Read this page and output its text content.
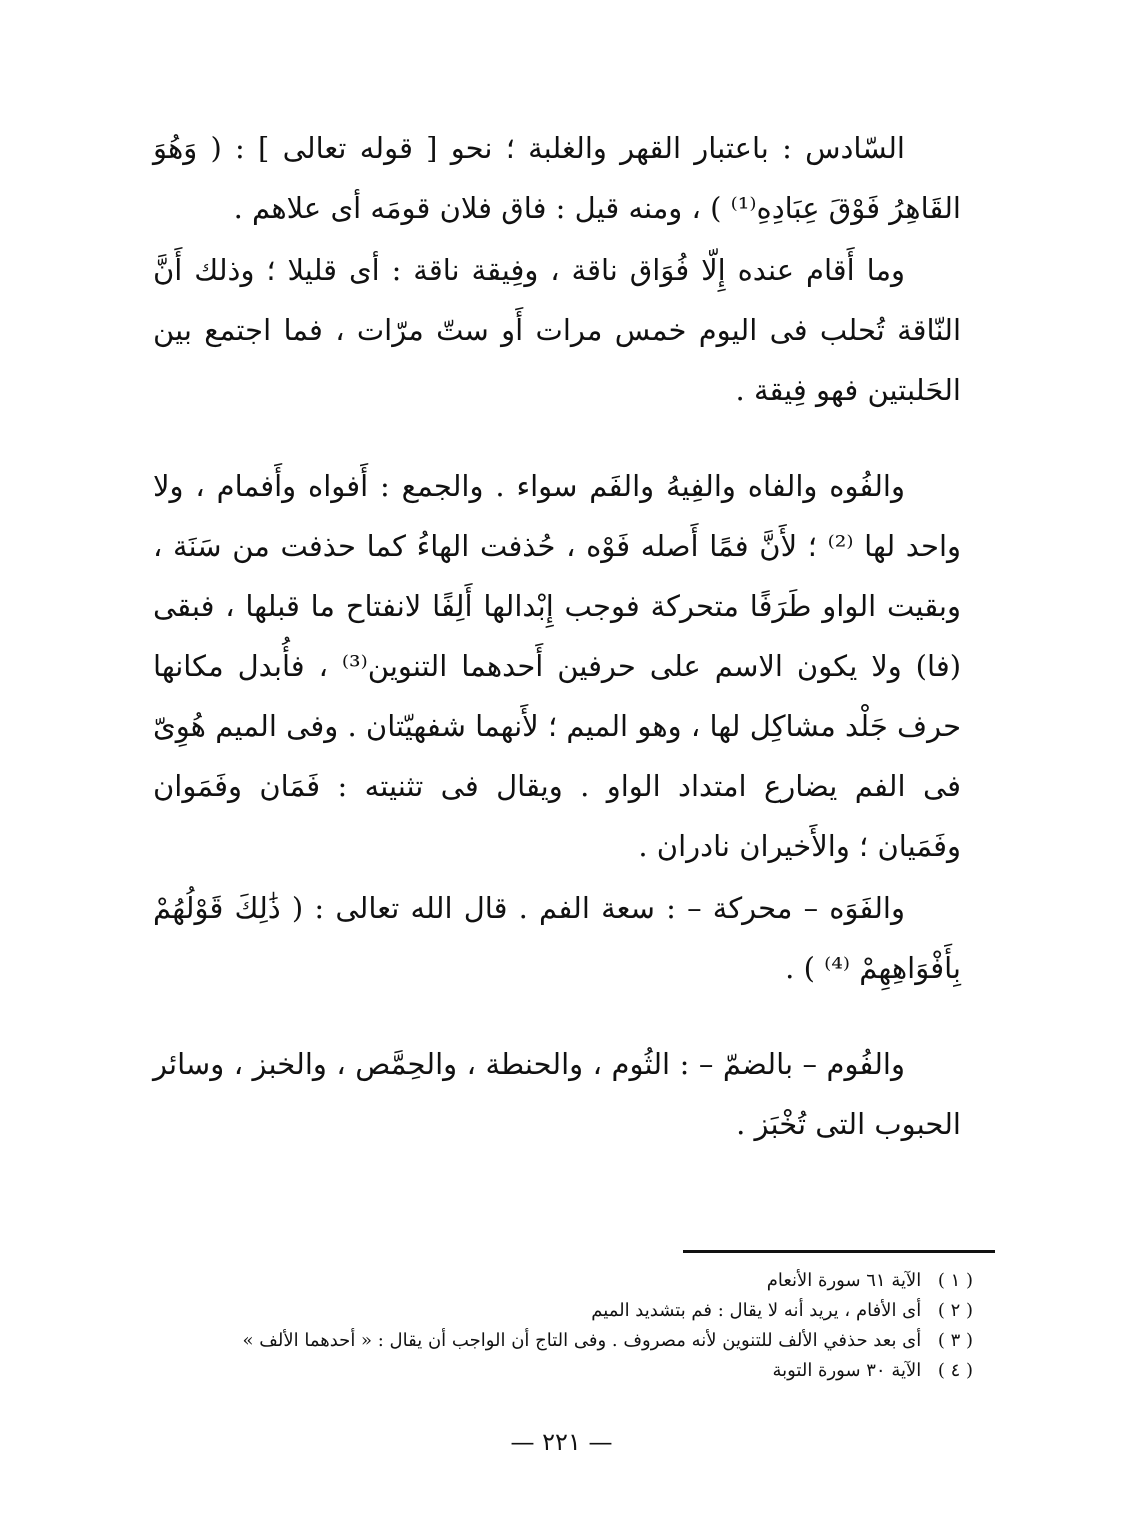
السّادس : باعتبار القهر والغلبة ؛ نحو [ قوله تعالى ] : ( وَهُوَ القَاهِرُ فَوْقَ عِبَادِهِ⁽¹⁾ ) ، ومنه قيل : فاق فلان قومَه أى علاهم .

وما أَقام عنده إِلّا فُوَاق ناقة ، وفِيقة ناقة : أى قليلا ؛ وذلك أَنَّ النّاقة تُحلب فى اليوم خمس مرات أَو ستّ مرّات ، فما اجتمع بين الحَلبتين فهو فِيقة .

والفُوه والفاه والفِيهُ والفَم سواء . والجمع : أَفواه وأَفمام ، ولا واحد لها ⁽²⁾ ؛ لأَنَّ فمًا أَصله فَوْه ، حُذفت الهاءُ كما حذفت من سَنَة ، وبقيت الواو طَرَفًا متحركة فوجب إِبْدالها أَلِفًا لانفتاح ما قبلها ، فبقى (فا) ولا يكون الاسم على حرفين أَحدهما التنوين⁽³⁾ ، فأُبدل مكانها حرف جَلْد مشاكِل لها ، وهو الميم ؛ لأَنهما شفهيّتان . وفى الميم هُوِىّ فى الفم يضارع امتداد الواو . ويقال فى تثنيته : فَمَان وفَمَوان وفَمَيان ؛ والأَخيران نادران .

والفَوَه – محركة – : سعة الفم . قال الله تعالى : ( ذَٰلِكَ قَوْلُهُمْ بِأَفْوَاهِهِمْ ⁽⁴⁾ ) .

والفُوم – بالضمّ – : الثُوم ، والحنطة ، والحِمَّص ، والخبز ، وسائر الحبوب التى تُخْبَز .

( ١ ) الآية ٦١ سورة الأنعام
( ٢ ) أى الأفام ، يريد أنه لا يقال : فم بتشديد الميم
( ٣ ) أى بعد حذفي الألف للتنوين لأنه مصروف . وفى التاج أن الواجب أن يقال : « أحدهما الألف »
( ٤ ) الآية ٣٠ سورة التوبة
— ٢٢١ —
